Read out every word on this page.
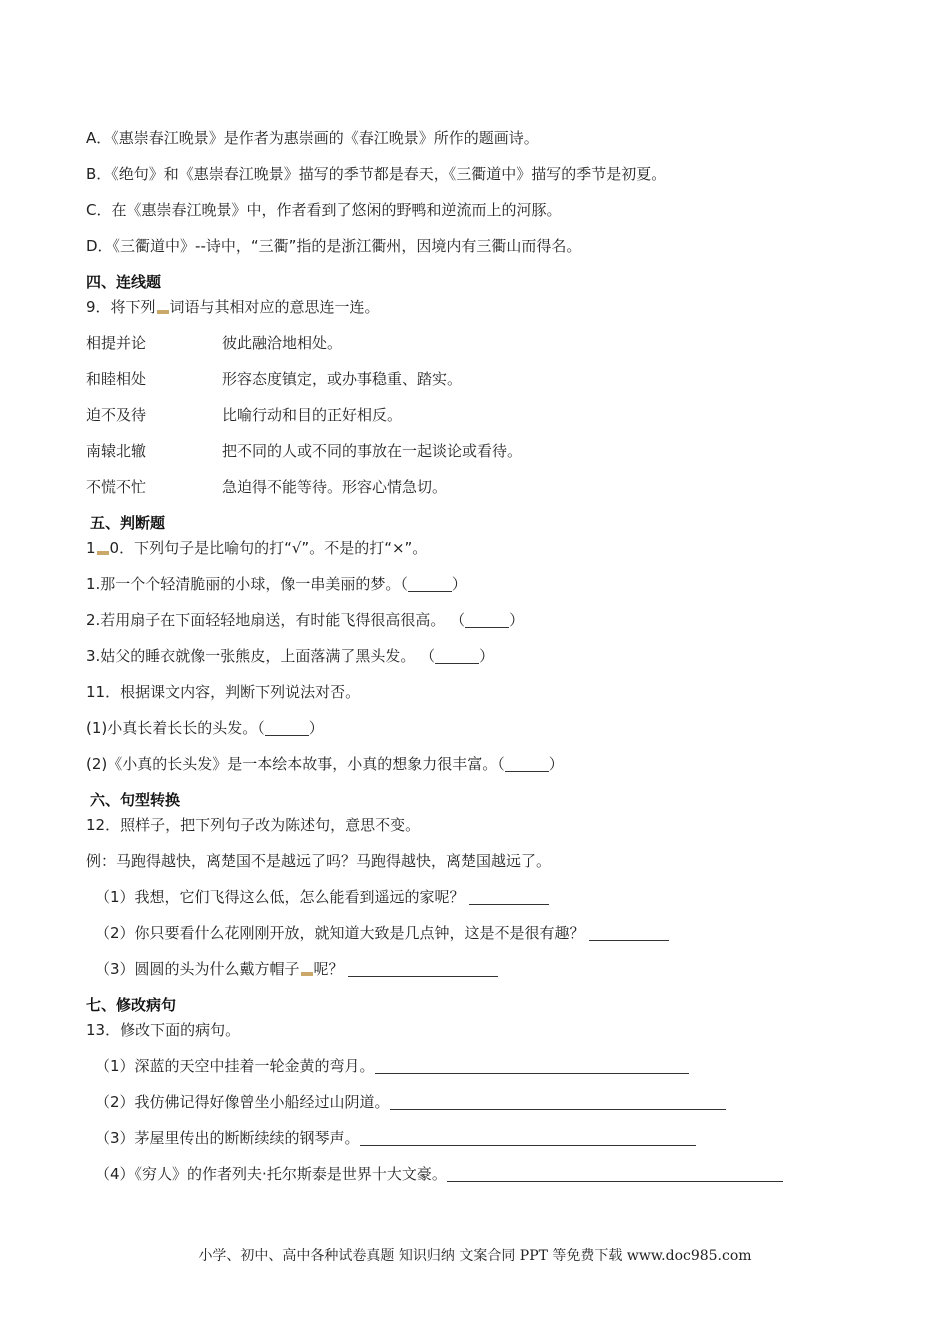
A．《惠崇春江晚景》是作者为惠崇画的《春江晚景》所作的题画诗。
B．《绝句》和《惠崇春江晚景》描写的季节都是春天，《三衢道中》描写的季节是初夏。
C．在《惠崇春江晚景》中，作者看到了悠闲的野鸭和逆流而上的河豚。
D．《三衢道中》--诗中，“三衢”指的是浙江衢州，因境内有三衢山而得名。
四、连线题
9．将下列 词语与其相对应的意思连一连。
相提并论	彼此融洽地相处。
和睦相处	形容态度镇定，或办事稳重、踏实。
迫不及待	比喻行动和目的正好相反。
南辕北辙	把不同的人或不同的事放在一起谈论或看待。
不慌不忙	急迫得不能等待。形容心情急切。
五、判断题
1 0．下列句子是比喻句的打“√”。不是的打“×”。
1.那一个个轻清脆丽的小球，像一串美丽的梦。（	）
2.若用扇子在下面轻轻地扇送，有时能飞得很高很高。 （	）
3.姑父的睡衣就像一张熊皮，上面落满了黑头发。 （	）
11．根据课文内容，判断下列说法对否。
(1)小真长着长长的头发。（	）
(2)《小真的长头发》是一本绘本故事，小真的想象力很丰富。（	）
六、句型转换
12．照样子，把下列句子改为陈述句，意思不变。
例：马跑得越快，离楚国不是越远了吗？马跑得越快，离楚国越远了。
（1）我想，它们飞得这么低，怎么能看到遥远的家呢？
（2）你只要看什么花刚刚开放，就知道大致是几点钟，这是不是很有趣？
（3）圆圆的头为什么戴方帽子 呢？
七、修改病句
13．修改下面的病句。
（1）深蓝的天空中挂着一轮金黄的弯月。
（2）我仿佛记得好像曾坐小船经过山阴道。
（3）茅屋里传出的断断续续的钢琴声。
（4）《穷人》的作者列夫·托尔斯泰是世界十大文豪。
小学、初中、高中各种试卷真题 知识归纳 文案合同 PPT 等免费下载 www.doc985.com
